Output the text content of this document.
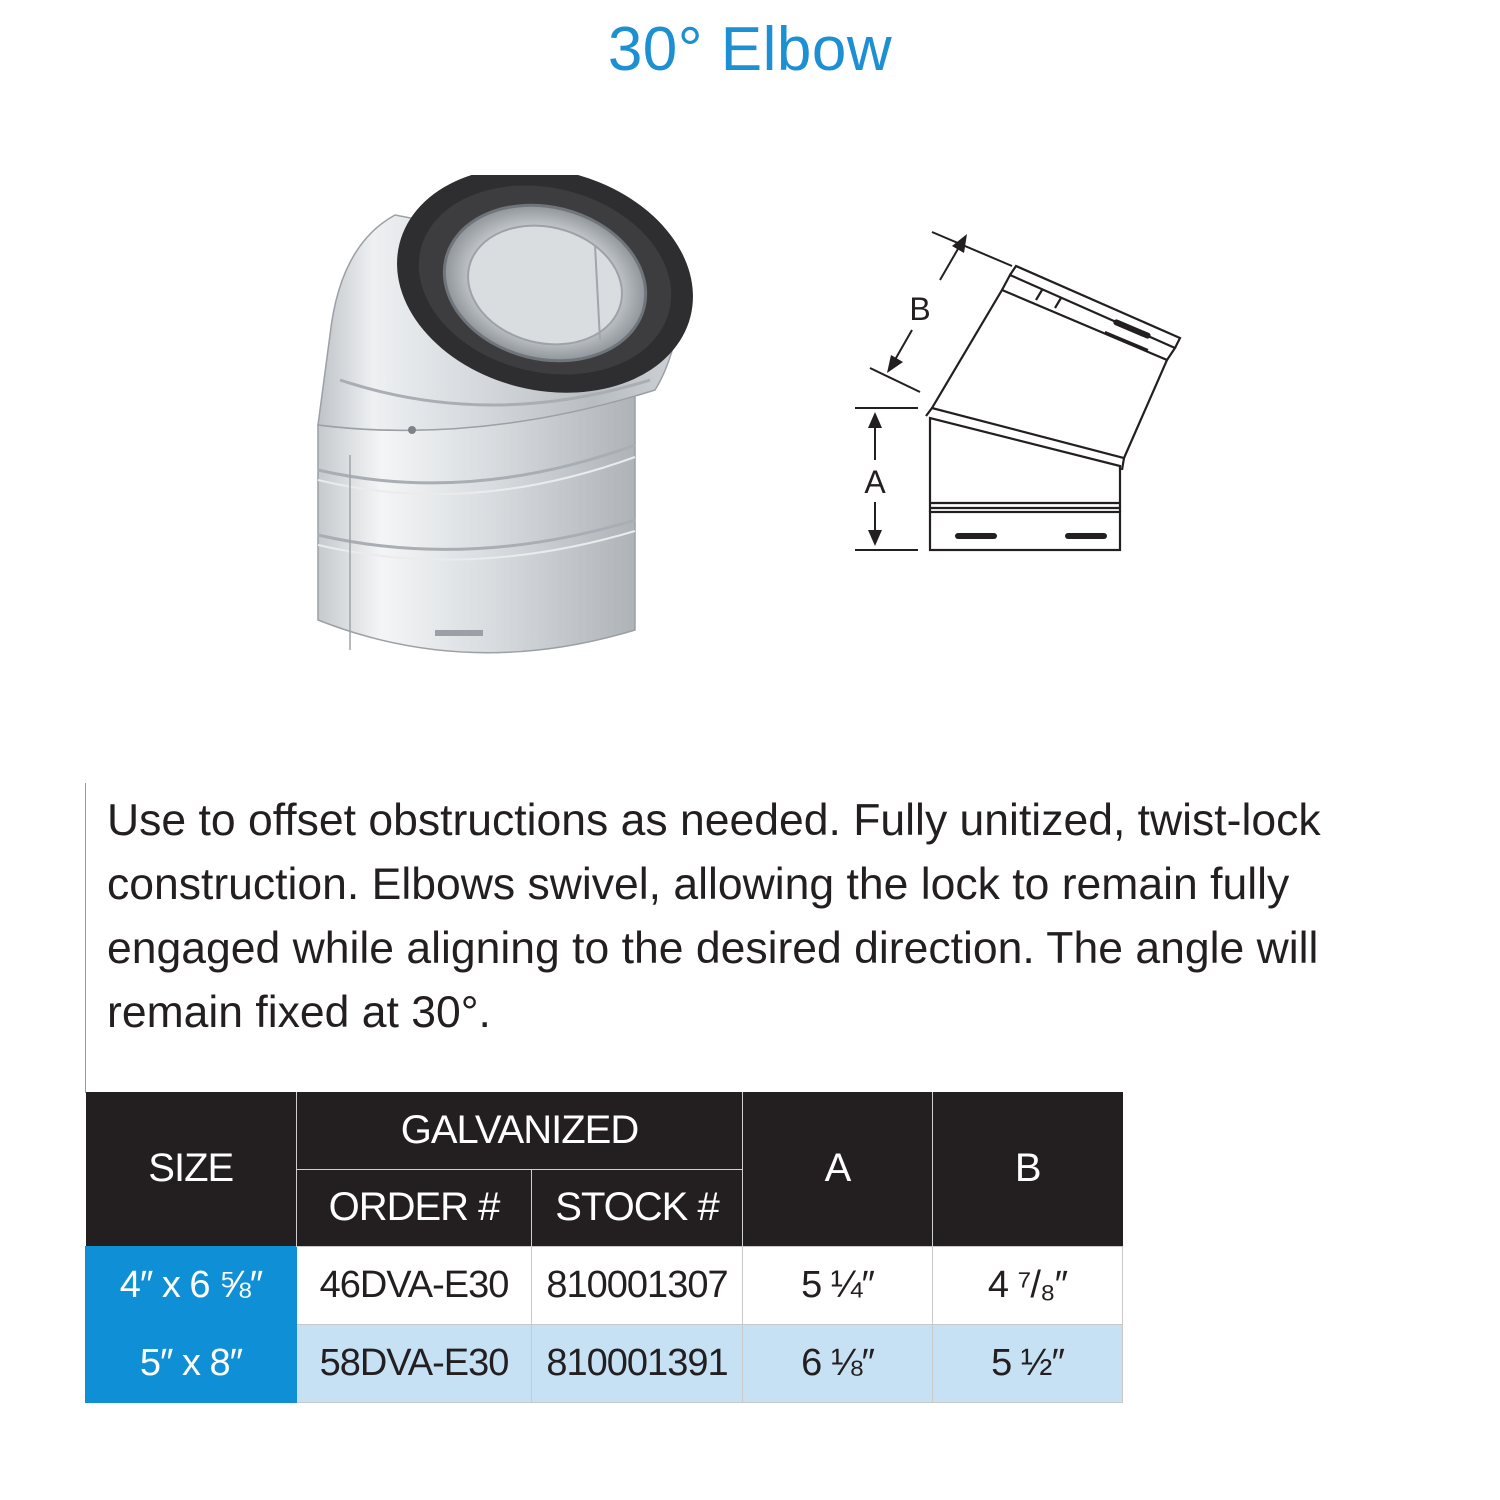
30° Elbow
A
B
Use to offset obstructions as needed. Fully unitized, twist-lock construction. Elbows swivel, allowing the lock to remain fully engaged while aligning to the desired direction. The angle will remain fixed at 30°.
SIZE	GALVANIZED		A	B
	ORDER #	STOCK #		
4″ x 6 ⅝″	46DVA-E30	810001307	5 ¼″	4 ⁷/₈″
5″ x 8″	58DVA-E30	810001391	6 ⅛″	5 ½″
